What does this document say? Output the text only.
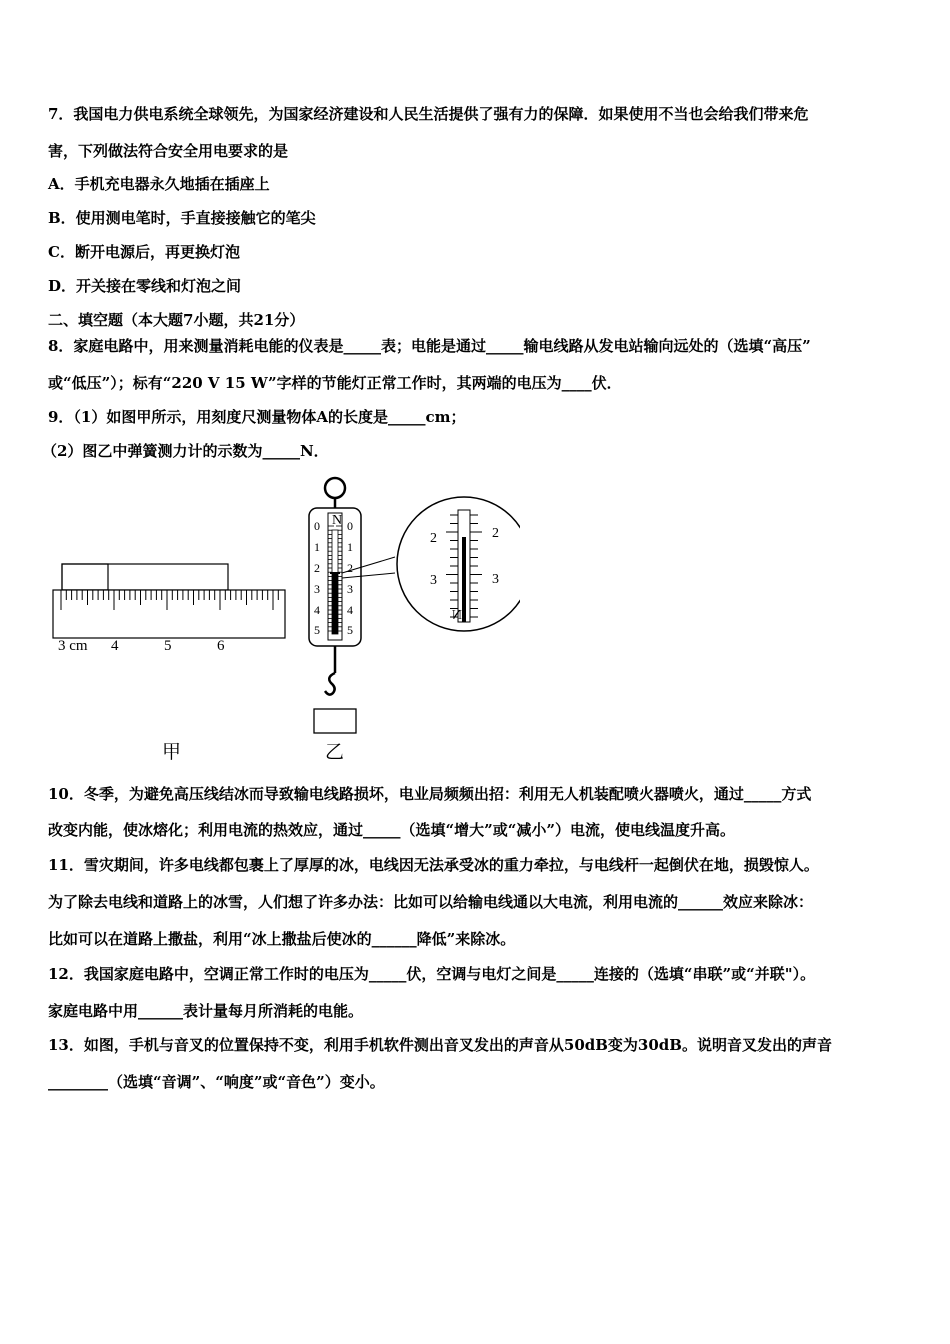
7．我国电力供电系统全球领先，为国家经济建设和人民生活提供了强有力的保障．如果使用不当也会给我们带来危
害，下列做法符合安全用电要求的是
A．手机充电器永久地插在插座上
B．使用测电笔时，手直接接触它的笔尖
C．断开电源后，再更换灯泡
D．开关接在零线和灯泡之间
二、填空题（本大题7小题，共21分）
8．家庭电路中，用来测量消耗电能的仪表是_____表；电能是通过_____输电线路从发电站输向远处的（选填“高压”
或“低压”）；标有“220 V 15 W”字样的节能灯正常工作时，其两端的电压为____伏．
9．（1）如图甲所示，用刻度尺测量物体A的长度是_____cm；
（2）图乙中弹簧测力计的示数为_____N．
3 cm 4	5	6
N
0
1
2
3
4
5
0
1
2
3
4
5
2
3
2
3
N
甲	乙
10．冬季，为避免高压线结冰而导致输电线路损坏，电业局频频出招：利用无人机装配喷火器喷火，通过_____方式
改变内能，使冰熔化；利用电流的热效应，通过_____（选填“增大”或“减小”）电流，使电线温度升高。
11．雪灾期间，许多电线都包裹上了厚厚的冰，电线因无法承受冰的重力牵拉，与电线杆一起倒伏在地，损毁惊人。
为了除去电线和道路上的冰雪，人们想了许多办法：比如可以给输电线通以大电流，利用电流的______效应来除冰：
比如可以在道路上撒盐，利用“冰上撒盐后使冰的______降低”来除冰。
12．我国家庭电路中，空调正常工作时的电压为_____伏，空调与电灯之间是_____连接的（选填“串联”或“并联"）。
家庭电路中用______表计量每月所消耗的电能。
13．如图，手机与音叉的位置保持不变，利用手机软件测出音叉发出的声音从50dB变为30dB。说明音叉发出的声音
________（选填“音调”、“响度”或“音色”）变小。
